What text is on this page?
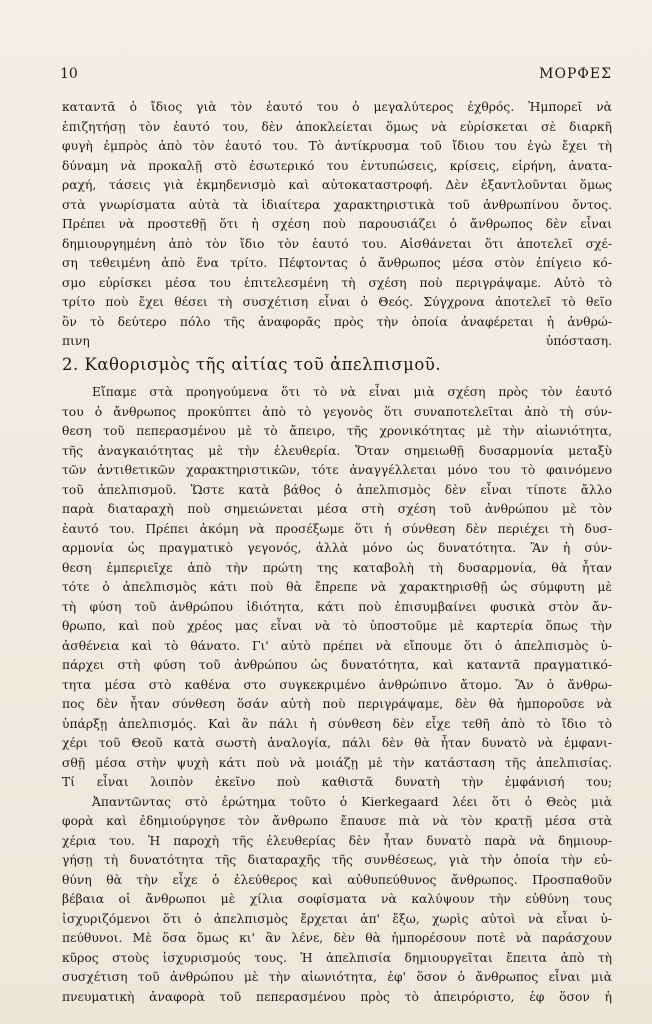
10	ΜΟΡΦΕΣ
καταντᾶ ὁ ἴδιος γιὰ τὸν ἑαυτό του ὁ μεγαλύτερος ἐχθρός. Ἠμπορεῖ νὰ
ἐπιζητήσῃ τὸν ἑαυτό του, δὲν ἀποκλείεται ὅμως νὰ εὑρίσκεται σὲ διαρκῆ
φυγὴ ἐμπρὸς ἀπὸ τὸν ἑαυτό του. Τὸ ἀντίκρυσμα τοῦ ἴδιου του ἐγὼ ἔχει τὴ
δύναμη νὰ προκαλῇ στὸ ἐσωτερικό του ἐντυπώσεις, κρίσεις, εἰρήνη, ἀνατα-
ραχή, τάσεις γιὰ ἐκμηδενισμὸ καὶ αὐτοκαταστροφή. Δὲν ἐξαντλοῦνται ὅμως
στὰ γνωρίσματα αὐτὰ τὰ ἰδιαίτερα χαρακτηριστικὰ τοῦ ἀνθρωπίνου ὄντος.
Πρέπει νὰ προστεθῇ ὅτι ἡ σχέση ποὺ παρουσιάζει ὁ ἄνθρωπος δὲν εἶναι
δημιουργημένη ἀπὸ τὸν ἴδιο τὸν ἑαυτό του. Αἰσθάνεται ὅτι ἀποτελεῖ σχέ-
ση τεθειμένη ἀπὸ ἕνα τρίτο. Πέφτοντας ὁ ἄνθρωπος μέσα στὸν ἐπίγειο κό-
σμο εὑρίσκει μέσα του ἐπιτελεσμένη τὴ σχέση ποὺ περιγράψαμε. Αὐτὸ τὸ
τρίτο ποὺ ἔχει θέσει τὴ συσχέτιση εἶναι ὁ Θεός. Σύγχρονα ἀποτελεῖ τὸ θεῖο
ὂν τὸ δεύτερο πόλο τῆς ἀναφορᾶς πρὸς τὴν ὁποία ἀναφέρεται ἡ ἀνθρώ-
πινη ὑπόσταση.
2. Καθορισμὸς τῆς αἰτίας τοῦ ἀπελπισμοῦ.
Εἴπαμε στὰ προηγούμενα ὅτι τὸ νὰ εἶναι μιὰ σχέση πρὸς τὸν ἑαυτό
του ὁ ἄνθρωπος προκύπτει ἀπὸ τὸ γεγονὸς ὅτι συναποτελεῖται ἀπὸ τὴ σύν-
θεση τοῦ πεπερασμένου μὲ τὸ ἄπειρο, τῆς χρονικότητας μὲ τὴν αἰωνιότητα,
τῆς ἀναγκαιότητας μὲ τὴν ἐλευθερία. Ὅταν σημειωθῇ δυσαρμονία μεταξὺ
τῶν ἀντιθετικῶν χαρακτηριστικῶν, τότε ἀναγγέλλεται μόνο του τὸ φαινόμενο
τοῦ ἀπελπισμοῦ. Ὥστε κατὰ βάθος ὁ ἀπελπισμὸς δὲν εἶναι τίποτε ἄλλο
παρὰ διαταραχὴ ποὺ σημειώνεται μέσα στὴ σχέση τοῦ ἀνθρώπου μὲ τὸν
ἑαυτό του. Πρέπει ἀκόμη νὰ προσέξωμε ὅτι ἡ σύνθεση δὲν περιέχει τὴ δυσ-
αρμονία ὡς πραγματικὸ γεγονός, ἀλλὰ μόνο ὡς δυνατότητα. Ἂν ἡ σύν-
θεση ἐμπεριεῖχε ἀπὸ τὴν πρώτη της καταβολὴ τὴ δυσαρμονία, θὰ ἦταν
τότε ὁ ἀπελπισμὸς κάτι ποὺ θὰ ἔπρεπε νὰ χαρακτηρισθῇ ὡς σύμφυτη μὲ
τὴ φύση τοῦ ἀνθρώπου ἰδιότητα, κάτι ποὺ ἐπισυμβαίνει φυσικὰ στὸν ἄν-
θρωπο, καὶ ποὺ χρέος μας εἶναι νὰ τὸ ὑποστοῦμε μὲ καρτερία ὅπως τὴν
ἀσθένεια καὶ τὸ θάνατο. Γι' αὐτὸ πρέπει νὰ εἴπουμε ὅτι ὁ ἀπελπισμὸς ὑ-
πάρχει στὴ φύση τοῦ ἀνθρώπου ὡς δυνατότητα, καὶ καταντᾶ πραγματικό-
τητα μέσα στὸ καθένα στο συγκεκριμένο ἀνθρώπινο ἄτομο. Ἂν ὁ ἄνθρω-
πος δὲν ἦταν σύνθεση ὅσάν αὐτὴ ποὺ περιγράψαμε, δὲν θὰ ἠμποροῦσε νὰ
ὑπάρξῃ ἀπελπισμός. Καὶ ἂν πάλι ἡ σύνθεση δὲν εἶχε τεθῆ ἀπὸ τὸ ἴδιο τὸ
χέρι τοῦ Θεοῦ κατὰ σωστὴ ἀναλογία, πάλι δὲν θὰ ἦταν δυνατὸ νὰ ἐμφανι-
σθῇ μέσα στὴν ψυχὴ κάτι ποὺ νὰ μοιάζῃ μὲ τὴν κατάσταση τῆς ἀπελπισίας.
Τί εἶναι λοιπὸν ἐκεῖνο ποὺ καθιστᾶ δυνατὴ τὴν ἐμφάνισή του;
Ἀπαντῶντας στὸ ἐρώτημα τοῦτο ὁ Kierkegaard λέει ὅτι ὁ Θεὸς μιὰ
φορὰ καὶ ἐδημιούργησε τὸν ἄνθρωπο ἔπαυσε πιὰ νὰ τὸν κρατῇ μέσα στὰ
χέρια του. Ἡ παροχὴ τῆς ἐλευθερίας δὲν ἦταν δυνατὸ παρὰ νὰ δημιουρ-
γήσῃ τὴ δυνατότητα τῆς διαταραχῆς τῆς συνθέσεως, γιὰ τὴν ὁποία τὴν εὐ-
θύνη θὰ τὴν εἶχε ὁ ἐλεύθερος καὶ αὐθυπεύθυνος ἄνθρωπος. Προσπαθοῦν
βέβαια οἱ ἄνθρωποι μὲ χίλια σοφίσματα νὰ καλύψουν τὴν εὐθύνη τους
ἰσχυριζόμενοι ὅτι ὁ ἀπελπισμὸς ἔρχεται ἀπ' ἔξω, χωρὶς αὐτοὶ νὰ εἶναι ὑ-
πεύθυνοι. Μὲ ὅσα ὅμως κι' ἂν λένε, δὲν θὰ ἠμπορέσουν ποτὲ νὰ παράσχουν
κῦρος στοὺς ἰσχυρισμούς τους. Ἡ ἀπελπισία δημιουργεῖται ἔπειτα ἀπὸ τὴ
συσχέτιση τοῦ ἀνθρώπου μὲ τὴν αἰωνιότητα, ἐφ' ὅσον ὁ ἄνθρωπος εἶναι μιὰ
πνευματικὴ ἀναφορὰ τοῦ πεπερασμένου πρὸς τὸ ἀπειρόριστο, ἐφ ὅσον ἡ
